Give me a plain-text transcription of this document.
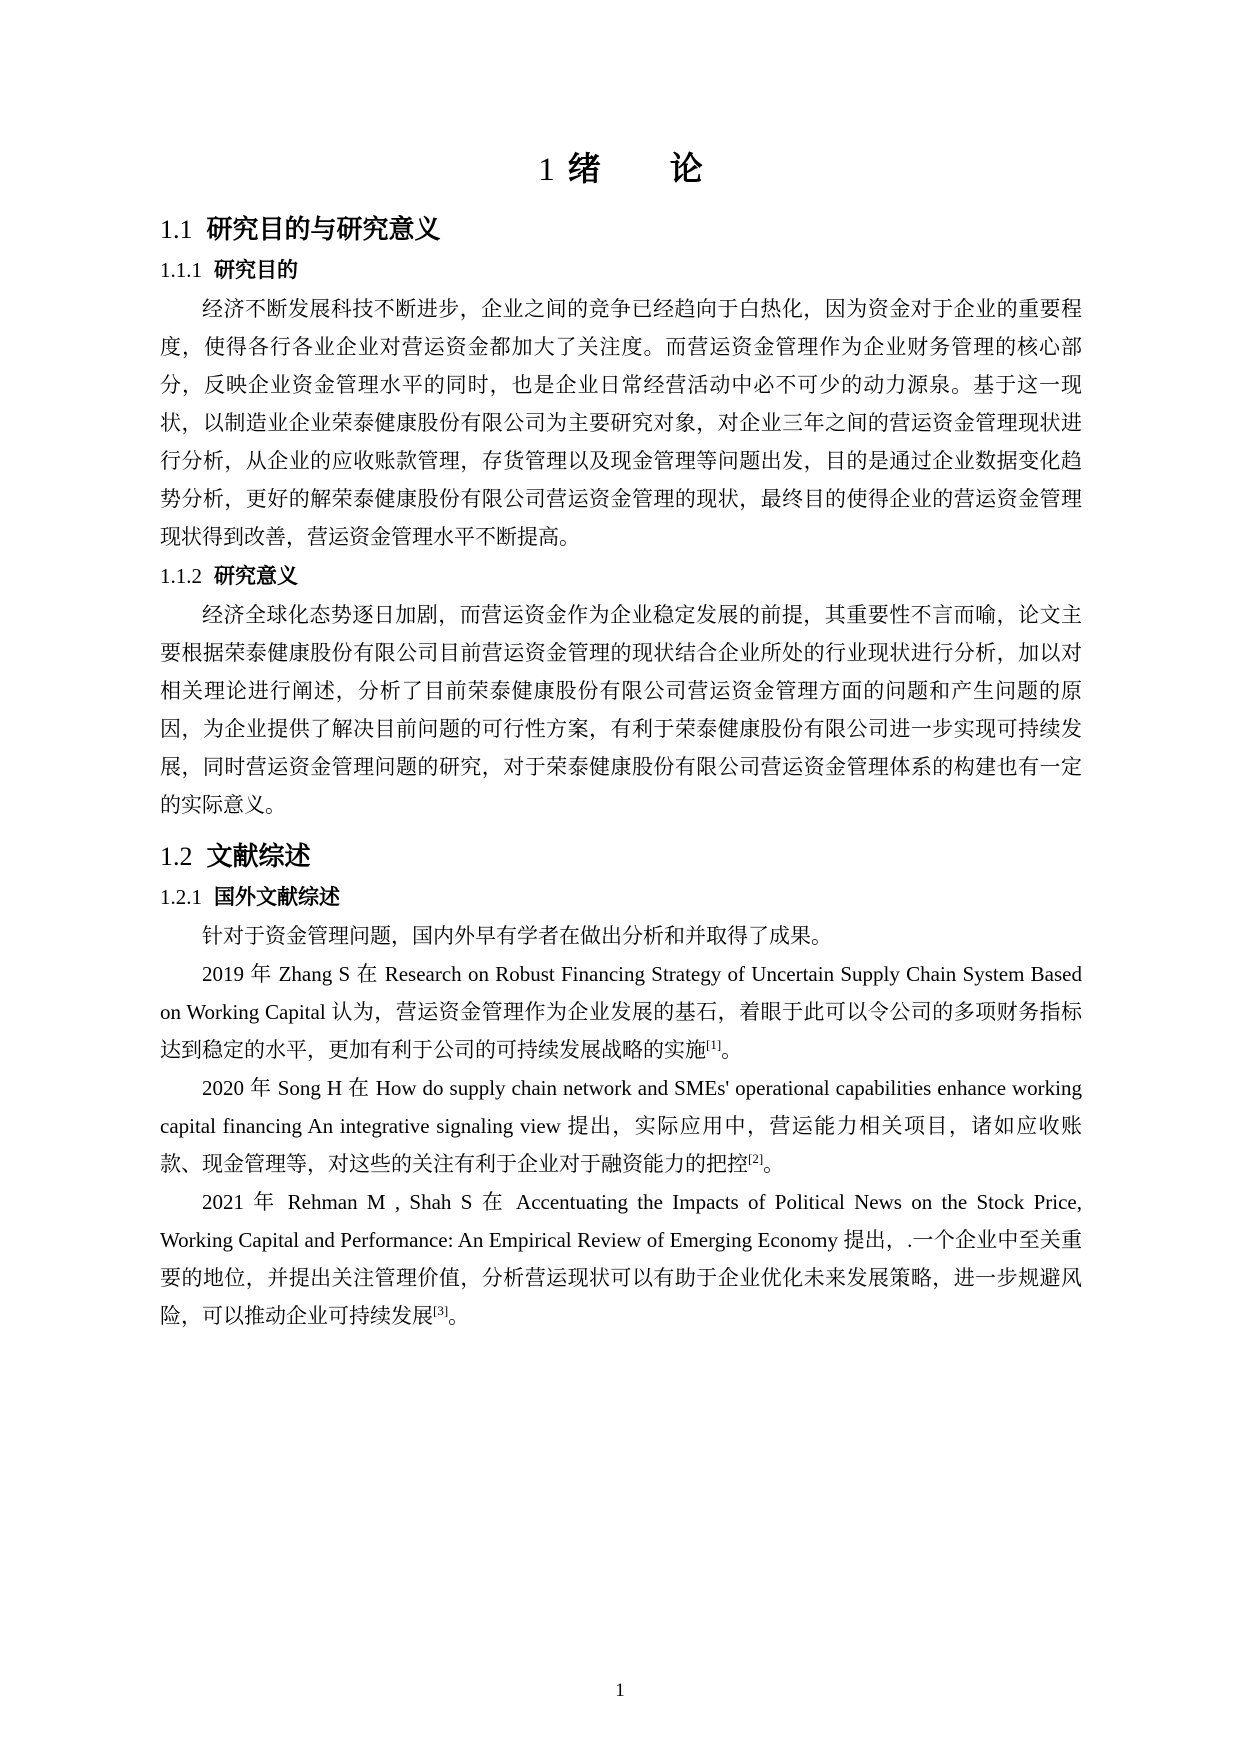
1 绪　　论
1.1 研究目的与研究意义
1.1.1 研究目的

经济不断发展科技不断进步，企业之间的竞争已经趋向于白热化，因为资金对于企业的重要程度，使得各行各业企业对营运资金都加大了关注度。而营运资金管理作为企业财务管理的核心部分，反映企业资金管理水平的同时，也是企业日常经营活动中必不可少的动力源泉。基于这一现状，以制造业企业荣泰健康股份有限公司为主要研究对象，对企业三年之间的营运资金管理现状进行分析，从企业的应收账款管理，存货管理以及现金管理等问题出发，目的是通过企业数据变化趋势分析，更好的解荣泰健康股份有限公司营运资金管理的现状，最终目的使得企业的营运资金管理现状得到改善，营运资金管理水平不断提高。

1.1.2 研究意义

经济全球化态势逐日加剧，而营运资金作为企业稳定发展的前提，其重要性不言而喻，论文主要根据荣泰健康股份有限公司目前营运资金管理的现状结合企业所处的行业现状进行分析，加以对相关理论进行阐述，分析了目前荣泰健康股份有限公司营运资金管理方面的问题和产生问题的原因，为企业提供了解决目前问题的可行性方案，有利于荣泰健康股份有限公司进一步实现可持续发展，同时营运资金管理问题的研究，对于荣泰健康股份有限公司营运资金管理体系的构建也有一定的实际意义。

1.2 文献综述
1.2.1 国外文献综述

针对于资金管理问题，国内外早有学者在做出分析和并取得了成果。

2019 年 Zhang S 在 Research on Robust Financing Strategy of Uncertain Supply Chain System Based on Working Capital 认为，营运资金管理作为企业发展的基石，着眼于此可以令公司的多项财务指标达到稳定的水平，更加有利于公司的可持续发展战略的实施[1]。

2020 年 Song H 在 How do supply chain network and SMEs' operational capabilities enhance working capital financing An integrative signaling view 提出，实际应用中，营运能力相关项目，诸如应收账款、现金管理等，对这些的关注有利于企业对于融资能力的把控[2]。

2021 年 Rehman M , Shah S 在 Accentuating the Impacts of Political News on the Stock Price, Working Capital and Performance: An Empirical Review of Emerging Economy 提出，.一个企业中至关重要的地位，并提出关注管理价值，分析营运现状可以有助于企业优化未来发展策略，进一步规避风险，可以推动企业可持续发展[3]。

1
